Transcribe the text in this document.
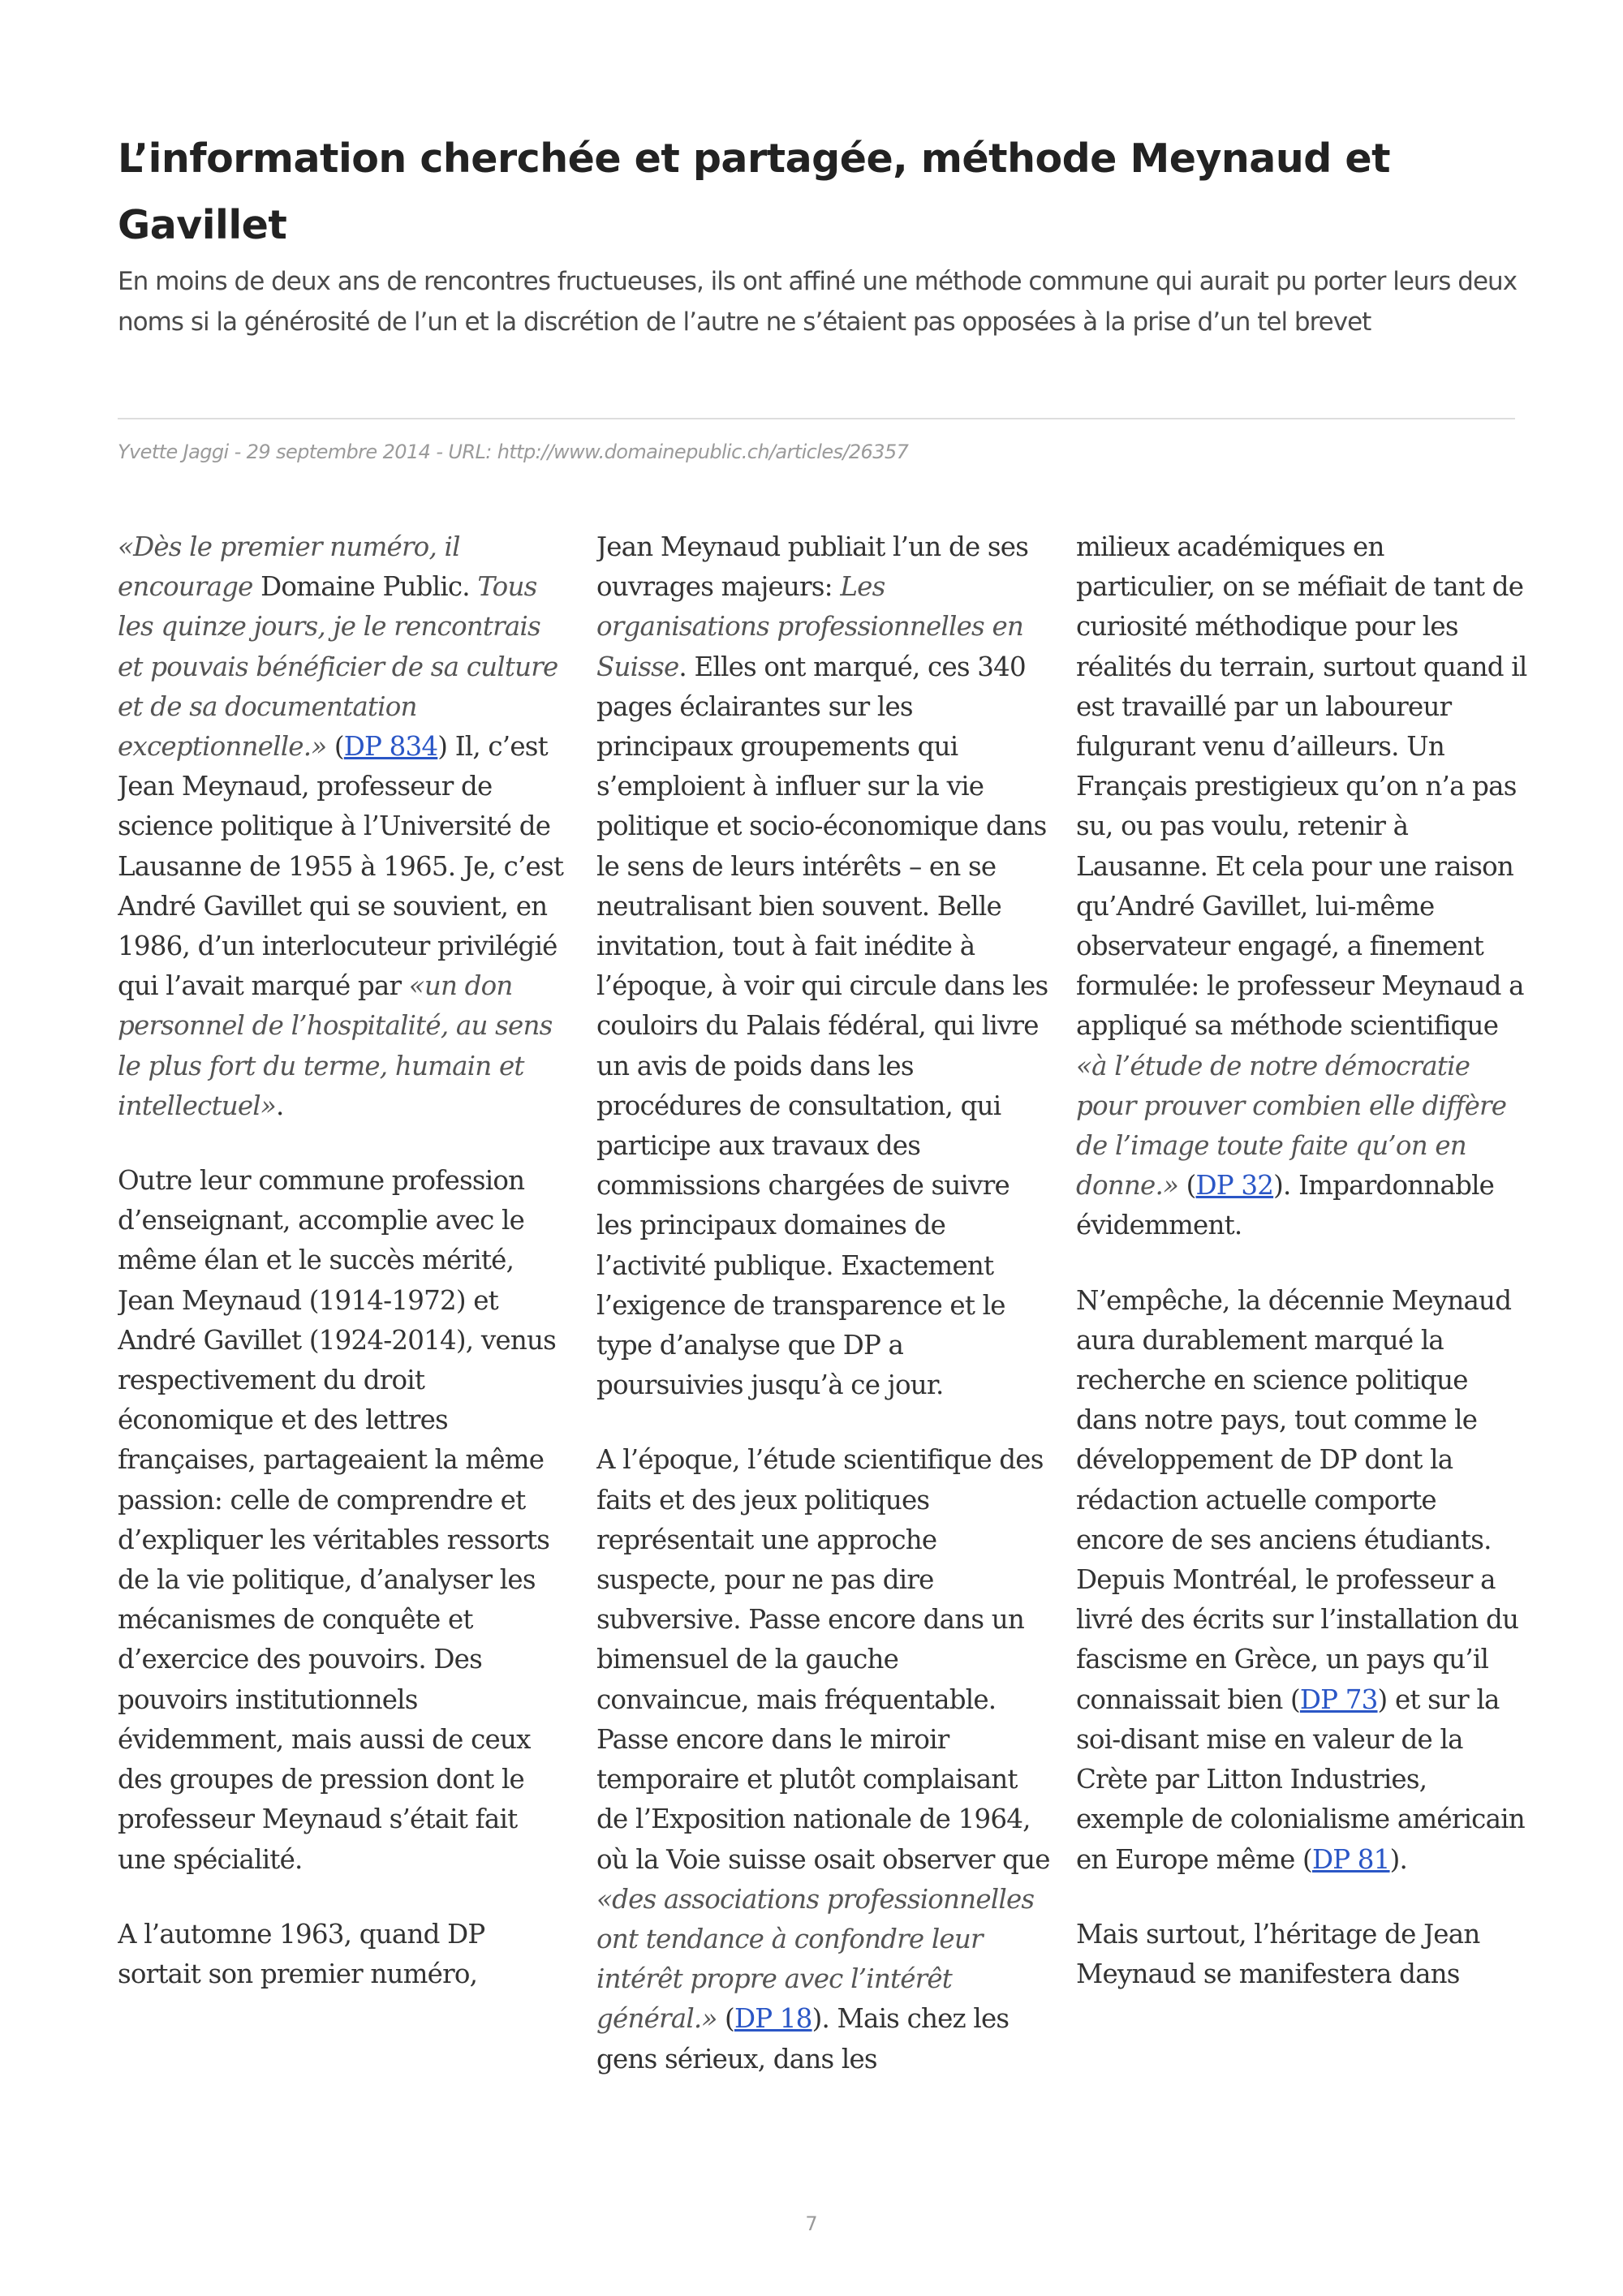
L’information cherchée et partagée, méthode Meynaud et Gavillet

En moins de deux ans de rencontres fructueuses, ils ont affiné une méthode commune qui aurait pu porter leurs deux noms si la générosité de l’un et la discrétion de l’autre ne s’étaient pas opposées à la prise d’un tel brevet

Yvette Jaggi - 29 septembre 2014 - URL: http://www.domainepublic.ch/articles/26357

«Dès le premier numéro, il encourage Domaine Public. Tous les quinze jours, je le rencontrais et pouvais bénéficier de sa culture et de sa documentation exceptionnelle.» (DP 834) Il, c’est Jean Meynaud, professeur de science politique à l’Université de Lausanne de 1955 à 1965. Je, c’est André Gavillet qui se souvient, en 1986, d’un interlocuteur privilégié qui l’avait marqué par «un don personnel de l’hospitalité, au sens le plus fort du terme, humain et intellectuel».

Outre leur commune profession d’enseignant, accomplie avec le même élan et le succès mérité, Jean Meynaud (1914-1972) et André Gavillet (1924-2014), venus respectivement du droit économique et des lettres françaises, partageaient la même passion: celle de comprendre et d’expliquer les véritables ressorts de la vie politique, d’analyser les mécanismes de conquête et d’exercice des pouvoirs. Des pouvoirs institutionnels évidemment, mais aussi de ceux des groupes de pression dont le professeur Meynaud s’était fait une spécialité.

A l’automne 1963, quand DP sortait son premier numéro,

Jean Meynaud publiait l’un de ses ouvrages majeurs: Les organisations professionnelles en Suisse. Elles ont marqué, ces 340 pages éclairantes sur les principaux groupements qui s’emploient à influer sur la vie politique et socio-économique dans le sens de leurs intérêts – en se neutralisant bien souvent. Belle invitation, tout à fait inédite à l’époque, à voir qui circule dans les couloirs du Palais fédéral, qui livre un avis de poids dans les procédures de consultation, qui participe aux travaux des commissions chargées de suivre les principaux domaines de l’activité publique. Exactement l’exigence de transparence et le type d’analyse que DP a poursuivies jusqu’à ce jour.

A l’époque, l’étude scientifique des faits et des jeux politiques représentait une approche suspecte, pour ne pas dire subversive. Passe encore dans un bimensuel de la gauche convaincue, mais fréquentable. Passe encore dans le miroir temporaire et plutôt complaisant de l’Exposition nationale de 1964, où la Voie suisse osait observer que «des associations professionnelles ont tendance à confondre leur intérêt propre avec l’intérêt général.» (DP 18). Mais chez les gens sérieux, dans les

milieux académiques en particulier, on se méfiait de tant de curiosité méthodique pour les réalités du terrain, surtout quand il est travaillé par un laboureur fulgurant venu d’ailleurs. Un Français prestigieux qu’on n’a pas su, ou pas voulu, retenir à Lausanne. Et cela pour une raison qu’André Gavillet, lui-même observateur engagé, a finement formulée: le professeur Meynaud a appliqué sa méthode scientifique «à l’étude de notre démocratie pour prouver combien elle diffère de l’image toute faite qu’on en donne.» (DP 32). Impardonnable évidemment.

N’empêche, la décennie Meynaud aura durablement marqué la recherche en science politique dans notre pays, tout comme le développement de DP dont la rédaction actuelle comporte encore de ses anciens étudiants. Depuis Montréal, le professeur a livré des écrits sur l’installation du fascisme en Grèce, un pays qu’il connaissait bien (DP 73) et sur la soi-disant mise en valeur de la Crète par Litton Industries, exemple de colonialisme américain en Europe même (DP 81).

Mais surtout, l’héritage de Jean Meynaud se manifestera dans

7
